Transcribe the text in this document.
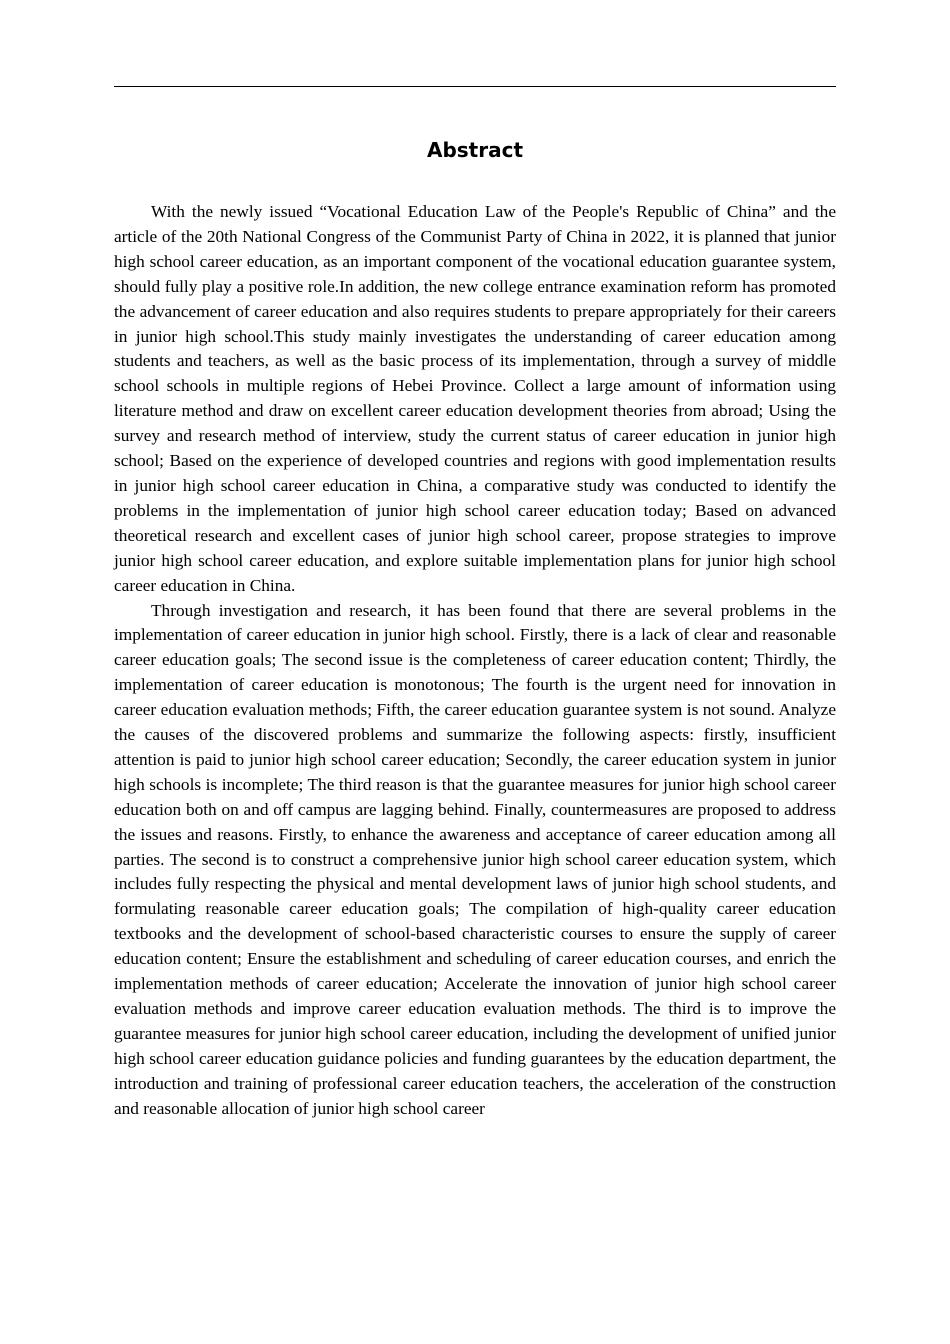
Abstract

With the newly issued “Vocational Education Law of the People's Republic of China” and the article of the 20th National Congress of the Communist Party of China in 2022, it is planned that junior high school career education, as an important component of the vocational education guarantee system, should fully play a positive role.In addition, the new college entrance examination reform has promoted the advancement of career education and also requires students to prepare appropriately for their careers in junior high school.This study mainly investigates the understanding of career education among students and teachers, as well as the basic process of its implementation, through a survey of middle school schools in multiple regions of Hebei Province. Collect a large amount of information using literature method and draw on excellent career education development theories from abroad; Using the survey and research method of interview, study the current status of career education in junior high school; Based on the experience of developed countries and regions with good implementation results in junior high school career education in China, a comparative study was conducted to identify the problems in the implementation of junior high school career education today; Based on advanced theoretical research and excellent cases of junior high school career, propose strategies to improve junior high school career education, and explore suitable implementation plans for junior high school career education in China.

Through investigation and research, it has been found that there are several problems in the implementation of career education in junior high school. Firstly, there is a lack of clear and reasonable career education goals; The second issue is the completeness of career education content; Thirdly, the implementation of career education is monotonous; The fourth is the urgent need for innovation in career education evaluation methods; Fifth, the career education guarantee system is not sound. Analyze the causes of the discovered problems and summarize the following aspects: firstly, insufficient attention is paid to junior high school career education; Secondly, the career education system in junior high schools is incomplete; The third reason is that the guarantee measures for junior high school career education both on and off campus are lagging behind. Finally, countermeasures are proposed to address the issues and reasons. Firstly, to enhance the awareness and acceptance of career education among all parties. The second is to construct a comprehensive junior high school career education system, which includes fully respecting the physical and mental development laws of junior high school students, and formulating reasonable career education goals; The compilation of high-quality career education textbooks and the development of school-based characteristic courses to ensure the supply of career education content; Ensure the establishment and scheduling of career education courses, and enrich the implementation methods of career education; Accelerate the innovation of junior high school career evaluation methods and improve career education evaluation methods. The third is to improve the guarantee measures for junior high school career education, including the development of unified junior high school career education guidance policies and funding guarantees by the education department, the introduction and training of professional career education teachers, the acceleration of the construction and reasonable allocation of junior high school career
